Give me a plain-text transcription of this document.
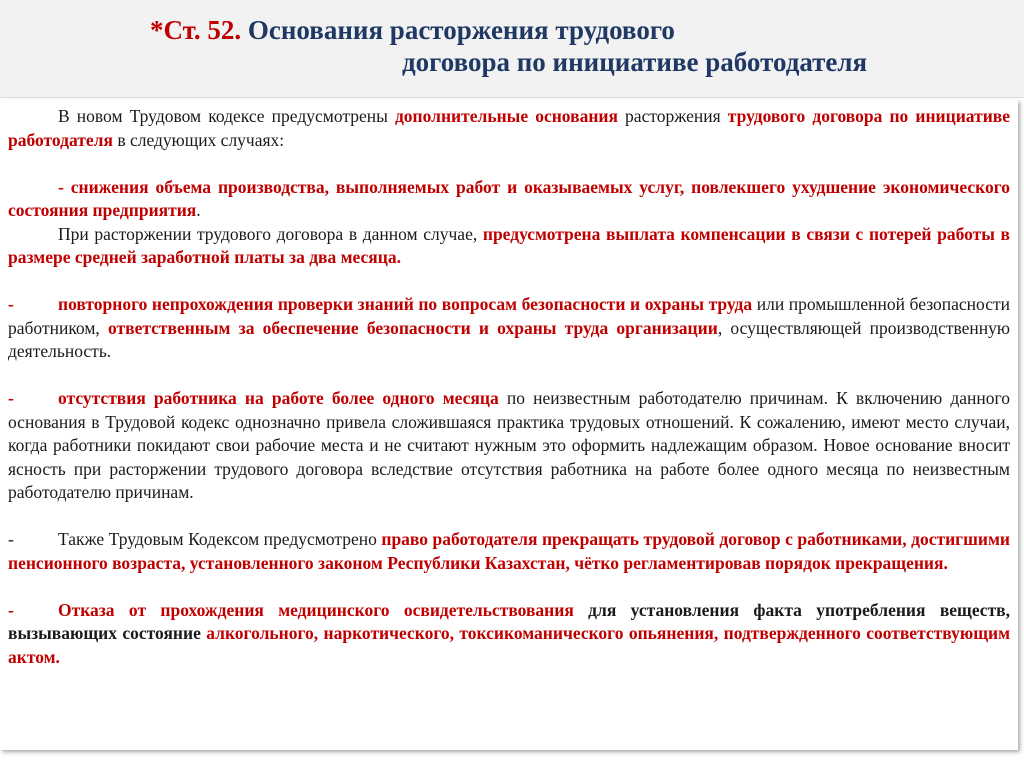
*Ст. 52. Основания расторжения трудового
договора по инициативе работодателя

В новом Трудовом кодексе предусмотрены дополнительные основания расторжения трудового договора по инициативе работодателя в следующих случаях:

- снижения объема производства, выполняемых работ и оказываемых услуг, повлекшего ухудшение экономического состояния предприятия.

При расторжении трудового договора в данном случае, предусмотрена выплата компенсации в связи с потерей работы в размере средней заработной платы за два месяца.

-	повторного непрохождения проверки знаний по вопросам безопасности и охраны труда или промышленной безопасности работником, ответственным за обеспечение безопасности и охраны труда организации, осуществляющей производственную деятельность.

-	отсутствия работника на работе более одного месяца по неизвестным работодателю причинам. К включению данного основания в Трудовой кодекс однозначно привела сложившаяся практика трудовых отношений. К сожалению, имеют место случаи, когда работники покидают свои рабочие места и не считают нужным это оформить надлежащим образом. Новое основание вносит ясность при расторжении трудового договора вследствие отсутствия работника на работе более одного месяца по неизвестным работодателю причинам.

-	Также Трудовым Кодексом предусмотрено право работодателя прекращать трудовой договор с работниками, достигшими пенсионного возраста, установленного законом Республики Казахстан, чётко регламентировав порядок прекращения.

-	Отказа от прохождения медицинского освидетельствования для установления факта употребления веществ, вызывающих состояние алкогольного, наркотического, токсикоманического опьянения, подтвержденного соответствующим актом.
